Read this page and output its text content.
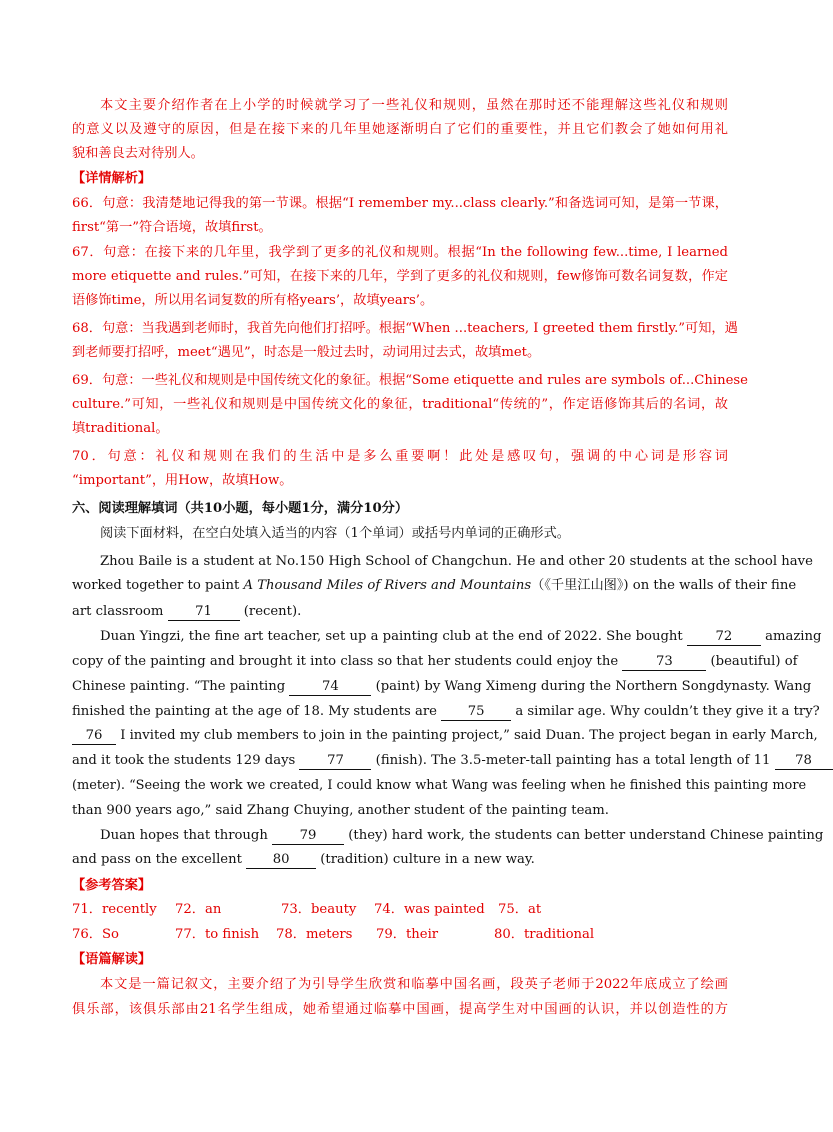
本文主要介绍作者在上小学的时候就学习了一些礼仪和规则，虽然在那时还不能理解这些礼仪和规则
的意义以及遵守的原因，但是在接下来的几年里她逐渐明白了它们的重要性，并且它们教会了她如何用礼
貌和善良去对待别人。
【详情解析】
66．句意：我清楚地记得我的第一节课。根据“I remember my...class clearly.”和备选词可知，是第一节课，
first“第一”符合语境，故填first。
67．句意：在接下来的几年里，我学到了更多的礼仪和规则。根据“In the following few...time, I learned
more etiquette and rules.”可知，在接下来的几年，学到了更多的礼仪和规则，few修饰可数名词复数，作定
语修饰time，所以用名词复数的所有格years’，故填years’。
68．句意：当我遇到老师时，我首先向他们打招呼。根据“When ...teachers, I greeted them firstly.”可知，遇
到老师要打招呼，meet“遇见”，时态是一般过去时，动词用过去式，故填met。
69．句意：一些礼仪和规则是中国传统文化的象征。根据“Some etiquette and rules are symbols of...Chinese
culture.”可知，一些礼仪和规则是中国传统文化的象征，traditional“传统的”，作定语修饰其后的名词，故
填traditional。
70．句意：礼仪和规则在我们的生活中是多么重要啊！此处是感叹句，强调的中心词是形容词
“important”，用How，故填How。
六、阅读理解填词（共10小题，每小题1分，满分10分）
阅读下面材料，在空白处填入适当的内容（1个单词）或括号内单词的正确形式。
Zhou Baile is a student at No.150 High School of Changchun. He and other 20 students at the school have
worked together to paint A Thousand Miles of Rivers and Mountains（《千里江山图》) on the walls of their fine
art classroom 71 (recent).
Duan Yingzi, the fine art teacher, set up a painting club at the end of 2022. She bought 72 amazing
copy of the painting and brought it into class so that her students could enjoy the	73	(beautiful) of
Chinese painting. “The painting 74 (paint) by Wang Ximeng during the Northern Songdynasty. Wang
finished the painting at the age of 18. My students are 75 a similar age. Why couldn’t they give it a try?
76 I invited my club members to join in the painting project,” said Duan. The project began in early March,
and it took the students 129 days 77 (finish). The 3.5-meter-tall painting has a total length of 11 78
(meter). “Seeing the work we created, I could know what Wang was feeling when he finished this painting more
than 900 years ago,” said Zhang Chuying, another student of the painting team.
Duan hopes that through 79 (they) hard work, the students can better understand Chinese painting
and pass on the excellent 80 (tradition) culture in a new way.
【参考答案】
71．recently 72．an	73．beauty 74．was painted 75．at
76．So	77．to finish 78．meters 79．their	80．traditional
【语篇解读】
本文是一篇记叙文，主要介绍了为引导学生欣赏和临摹中国名画，段英子老师于2022年底成立了绘画
俱乐部，该俱乐部由21名学生组成，她希望通过临摹中国画，提高学生对中国画的认识，并以创造性的方
